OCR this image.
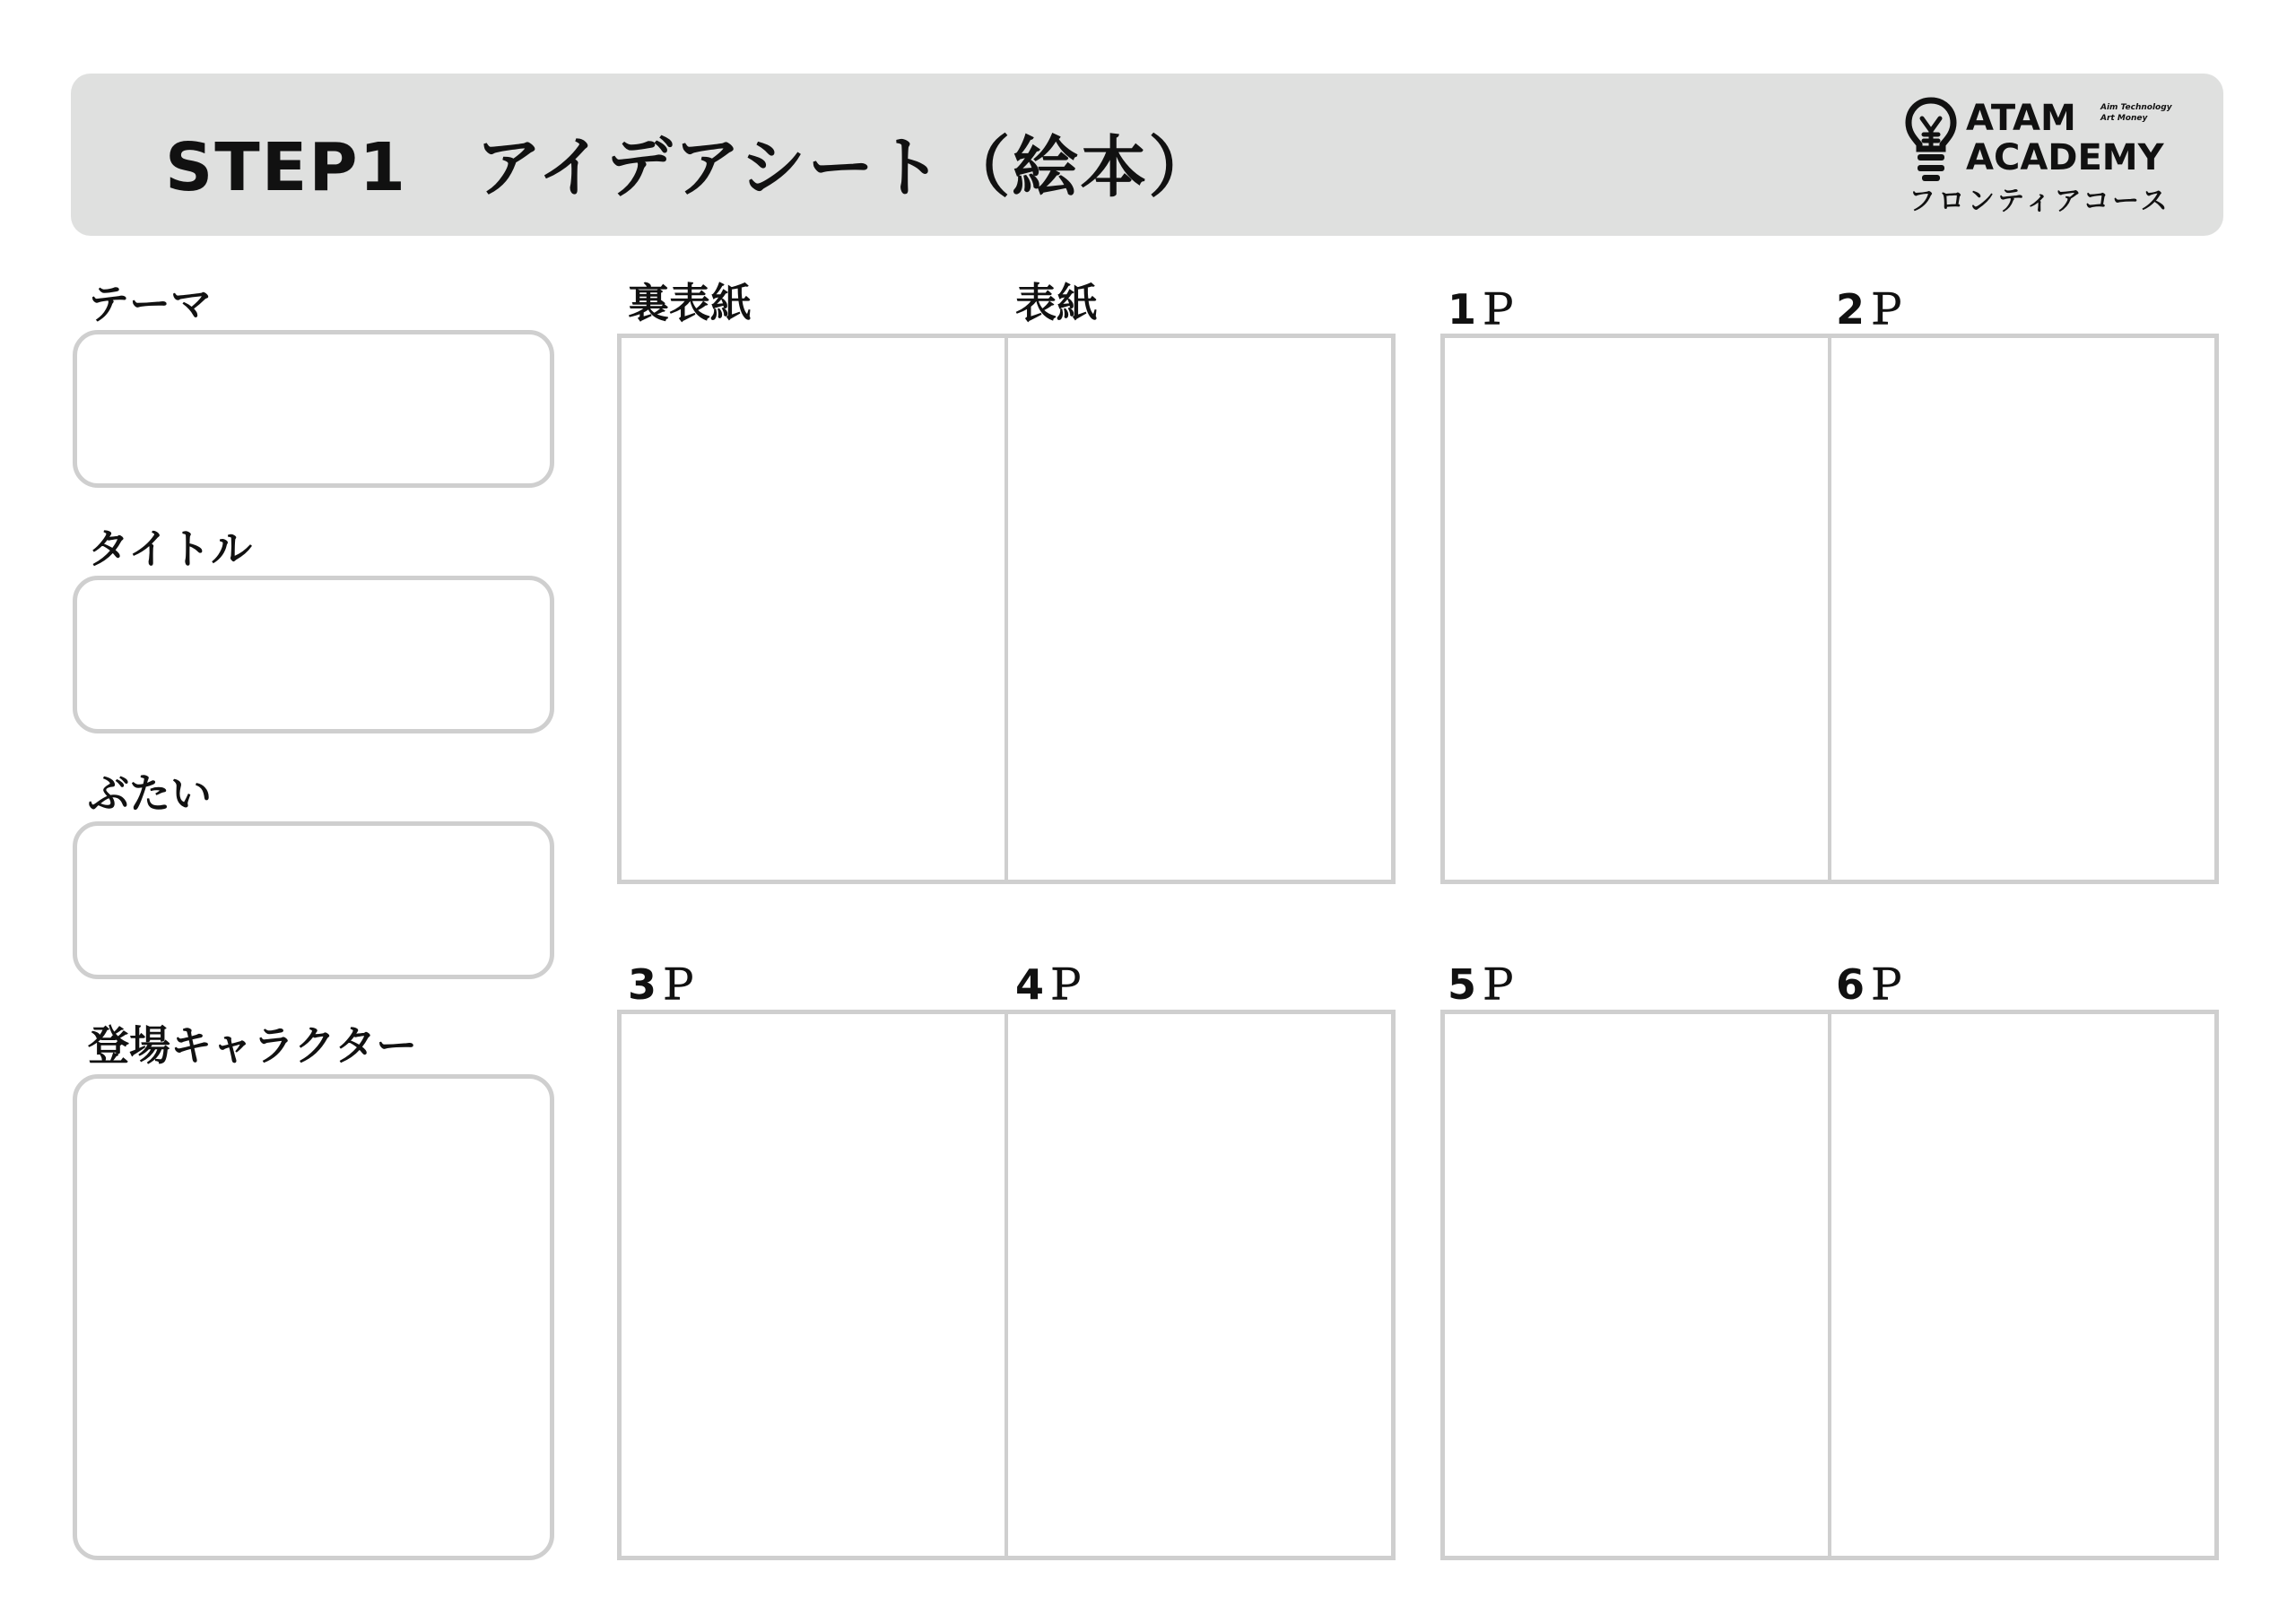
STEP1　アイデアシート（絵本）
ATAM	Aim Technology
Art Money
ACADEMY
フロンティアコース
テーマ
タイトル
ぶたい
登場キャラクター
裏表紙	表紙	1Ｐ	2Ｐ
3Ｐ	4Ｐ	5Ｐ	6Ｐ
